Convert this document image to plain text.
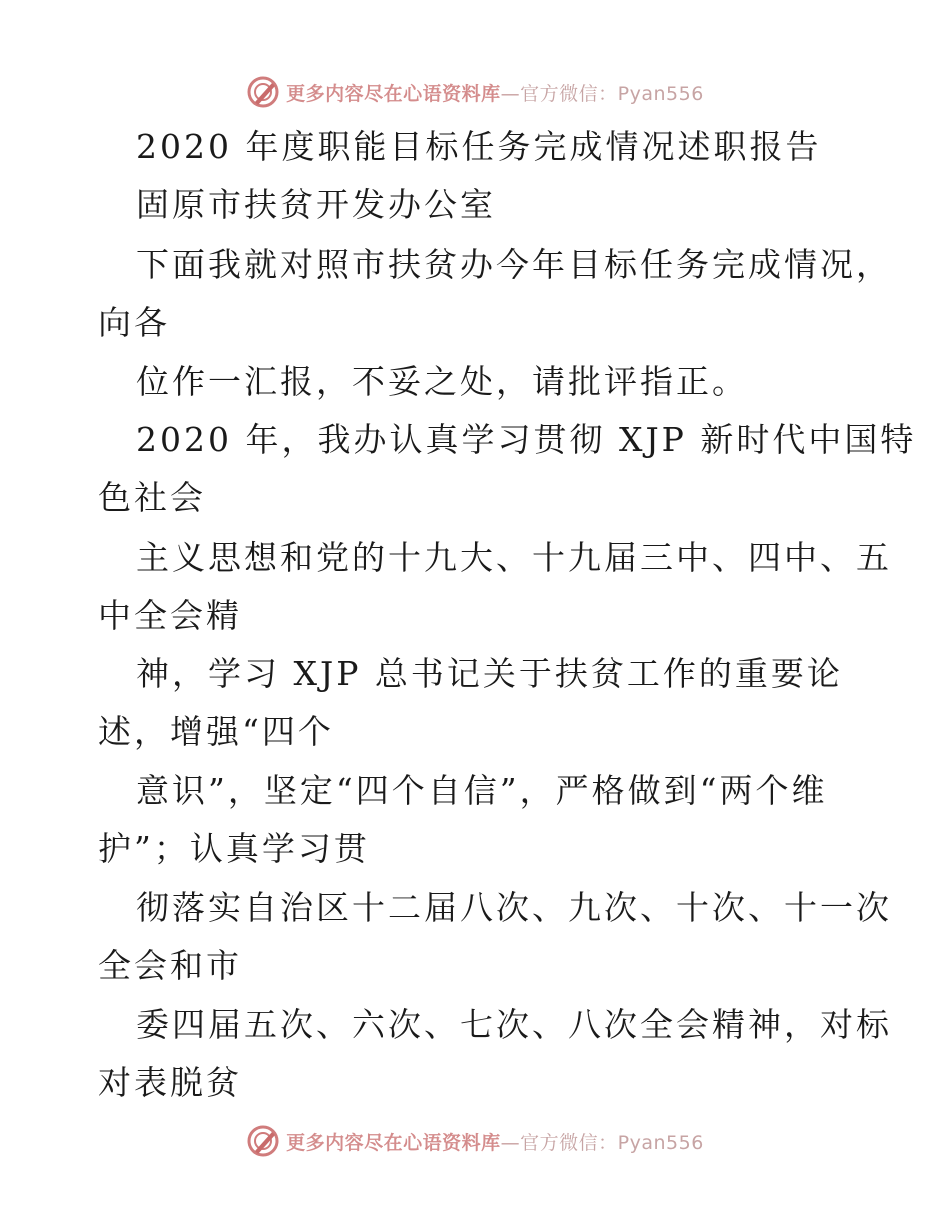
更多内容尽在心语资料库—官方微信：Pyan556
2020 年度职能目标任务完成情况述职报告
固原市扶贫开发办公室
下面我就对照市扶贫办今年目标任务完成情况，
向各
位作一汇报，不妥之处，请批评指正。
2020 年，我办认真学习贯彻 XJP 新时代中国特
色社会
主义思想和党的十九大、十九届三中、四中、五
中全会精
神，学习 XJP 总书记关于扶贫工作的重要论
述，增强“四个
意识”，坚定“四个自信”，严格做到“两个维
护”；认真学习贯
彻落实自治区十二届八次、九次、十次、十一次
全会和市
委四届五次、六次、七次、八次全会精神，对标
对表脱贫
更多内容尽在心语资料库—官方微信：Pyan556
